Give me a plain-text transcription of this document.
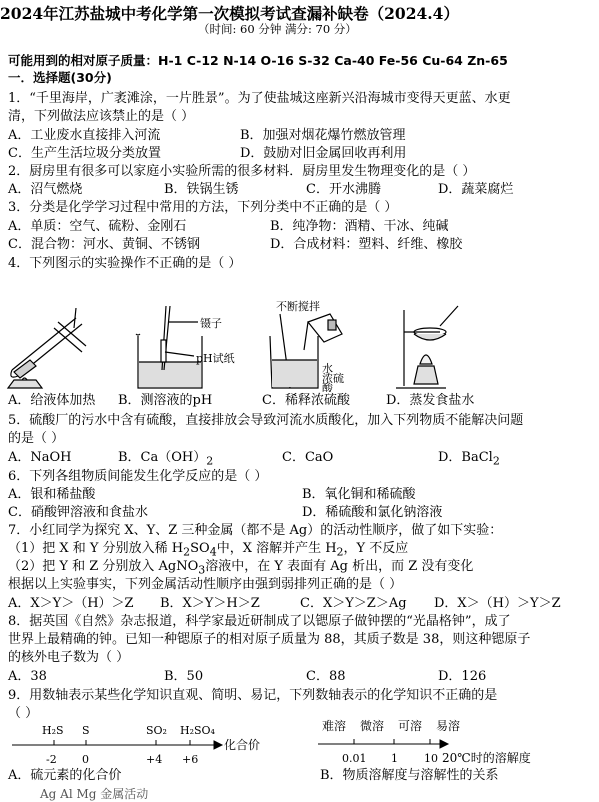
2024年江苏盐城中考化学第一次模拟考试查漏补缺卷（2024.4）
（时间: 60 分钟 满分: 70 分）
可能用到的相对原子质量：H-1 C-12 N-14 O-16 S-32 Ca-40 Fe-56 Cu-64 Zn-65
一．选择题(30分)
1．“千里海岸，广袤滩涂，一片胜景”。为了使盐城这座新兴沿海城市变得天更蓝、水更
清，下列做法应该禁止的是（ ）
A．工业废水直接排入河流	B．加强对烟花爆竹燃放管理
C．生产生活垃圾分类放置	D．鼓励对旧金属回收再利用
2．厨房里有很多可以家庭小实验所需的很多材料．厨房里发生物理变化的是（ ）
A．沼气燃烧	B．铁锅生锈	C．开水沸腾	D．蔬菜腐烂
3．分类是化学学习过程中常用的方法，下列分类中不正确的是（ ）
A．单质：空气、硫粉、金刚石	B．纯净物：酒精、干冰、纯碱
C．混合物：河水、黄铜、不锈钢	D．合成材料：塑料、纤维、橡胶
4．下列图示的实验操作不正确的是（ ）
镊子
pH试纸
不断搅拌
水
浓硫
酸
A．给液体加热 B．测溶液的pH	C．稀释浓硫酸	D．蒸发食盐水
5．硫酸厂的污水中含有硫酸，直接排放会导致河流水质酸化，加入下列物质不能解决问题
的是（ ）
A．NaOH	B．$Ca(OH)_2$	C．CaO	D．BaCl$_2$
6．下列各组物质间能发生化学反应的是（ ）
A．银和稀盐酸	B．氧化铜和稀硫酸
C．硝酸钾溶液和食盐水	D．稀硫酸和氯化钠溶液
7．小红同学为探究 X、Y、Z 三种金属（都不是 Ag）的活动性顺序，做了如下实验：
（1）把 X 和 Y 分别放入稀 $H_2SO_4$中，X 溶解并产生 $H_2$，Y 不反应
（2）把 Y 和 Z 分别放入 AgNO$_3$溶液中，在 Y 表面有 Ag 析出，而 Z 没有变化
根据以上实验事实，下列金属活动性顺序由强到弱排列正确的是（ ）
A．X＞Y＞（H）＞Z B．X＞Y＞H＞Z	C．X＞Y＞Z＞Ag D．X＞（H）＞Y＞Z
8．据英国《自然》杂志报道，科学家最近研制成了以锶原子做钟摆的“光晶格钟”，成了
世界上最精确的钟。已知一种锶原子的相对原子质量为 88，其质子数是 38，则这种锶原子
的核外电子数为（ ）
A．38	B．50	C．88	D．126
9．用数轴表示某些化学知识直观、简明、易记，下列数轴表示的化学知识不正确的是
（ ）
H₂S S	SO₂ H₂SO₄
-2 0	+4 +6
化合价
难溶 微溶 可溶 易溶
0.01 1 10 20℃时的溶解度
A．硫元素的化合价	B．物质溶解度与溶解性的关系
Ag Al Mg 金属活动
